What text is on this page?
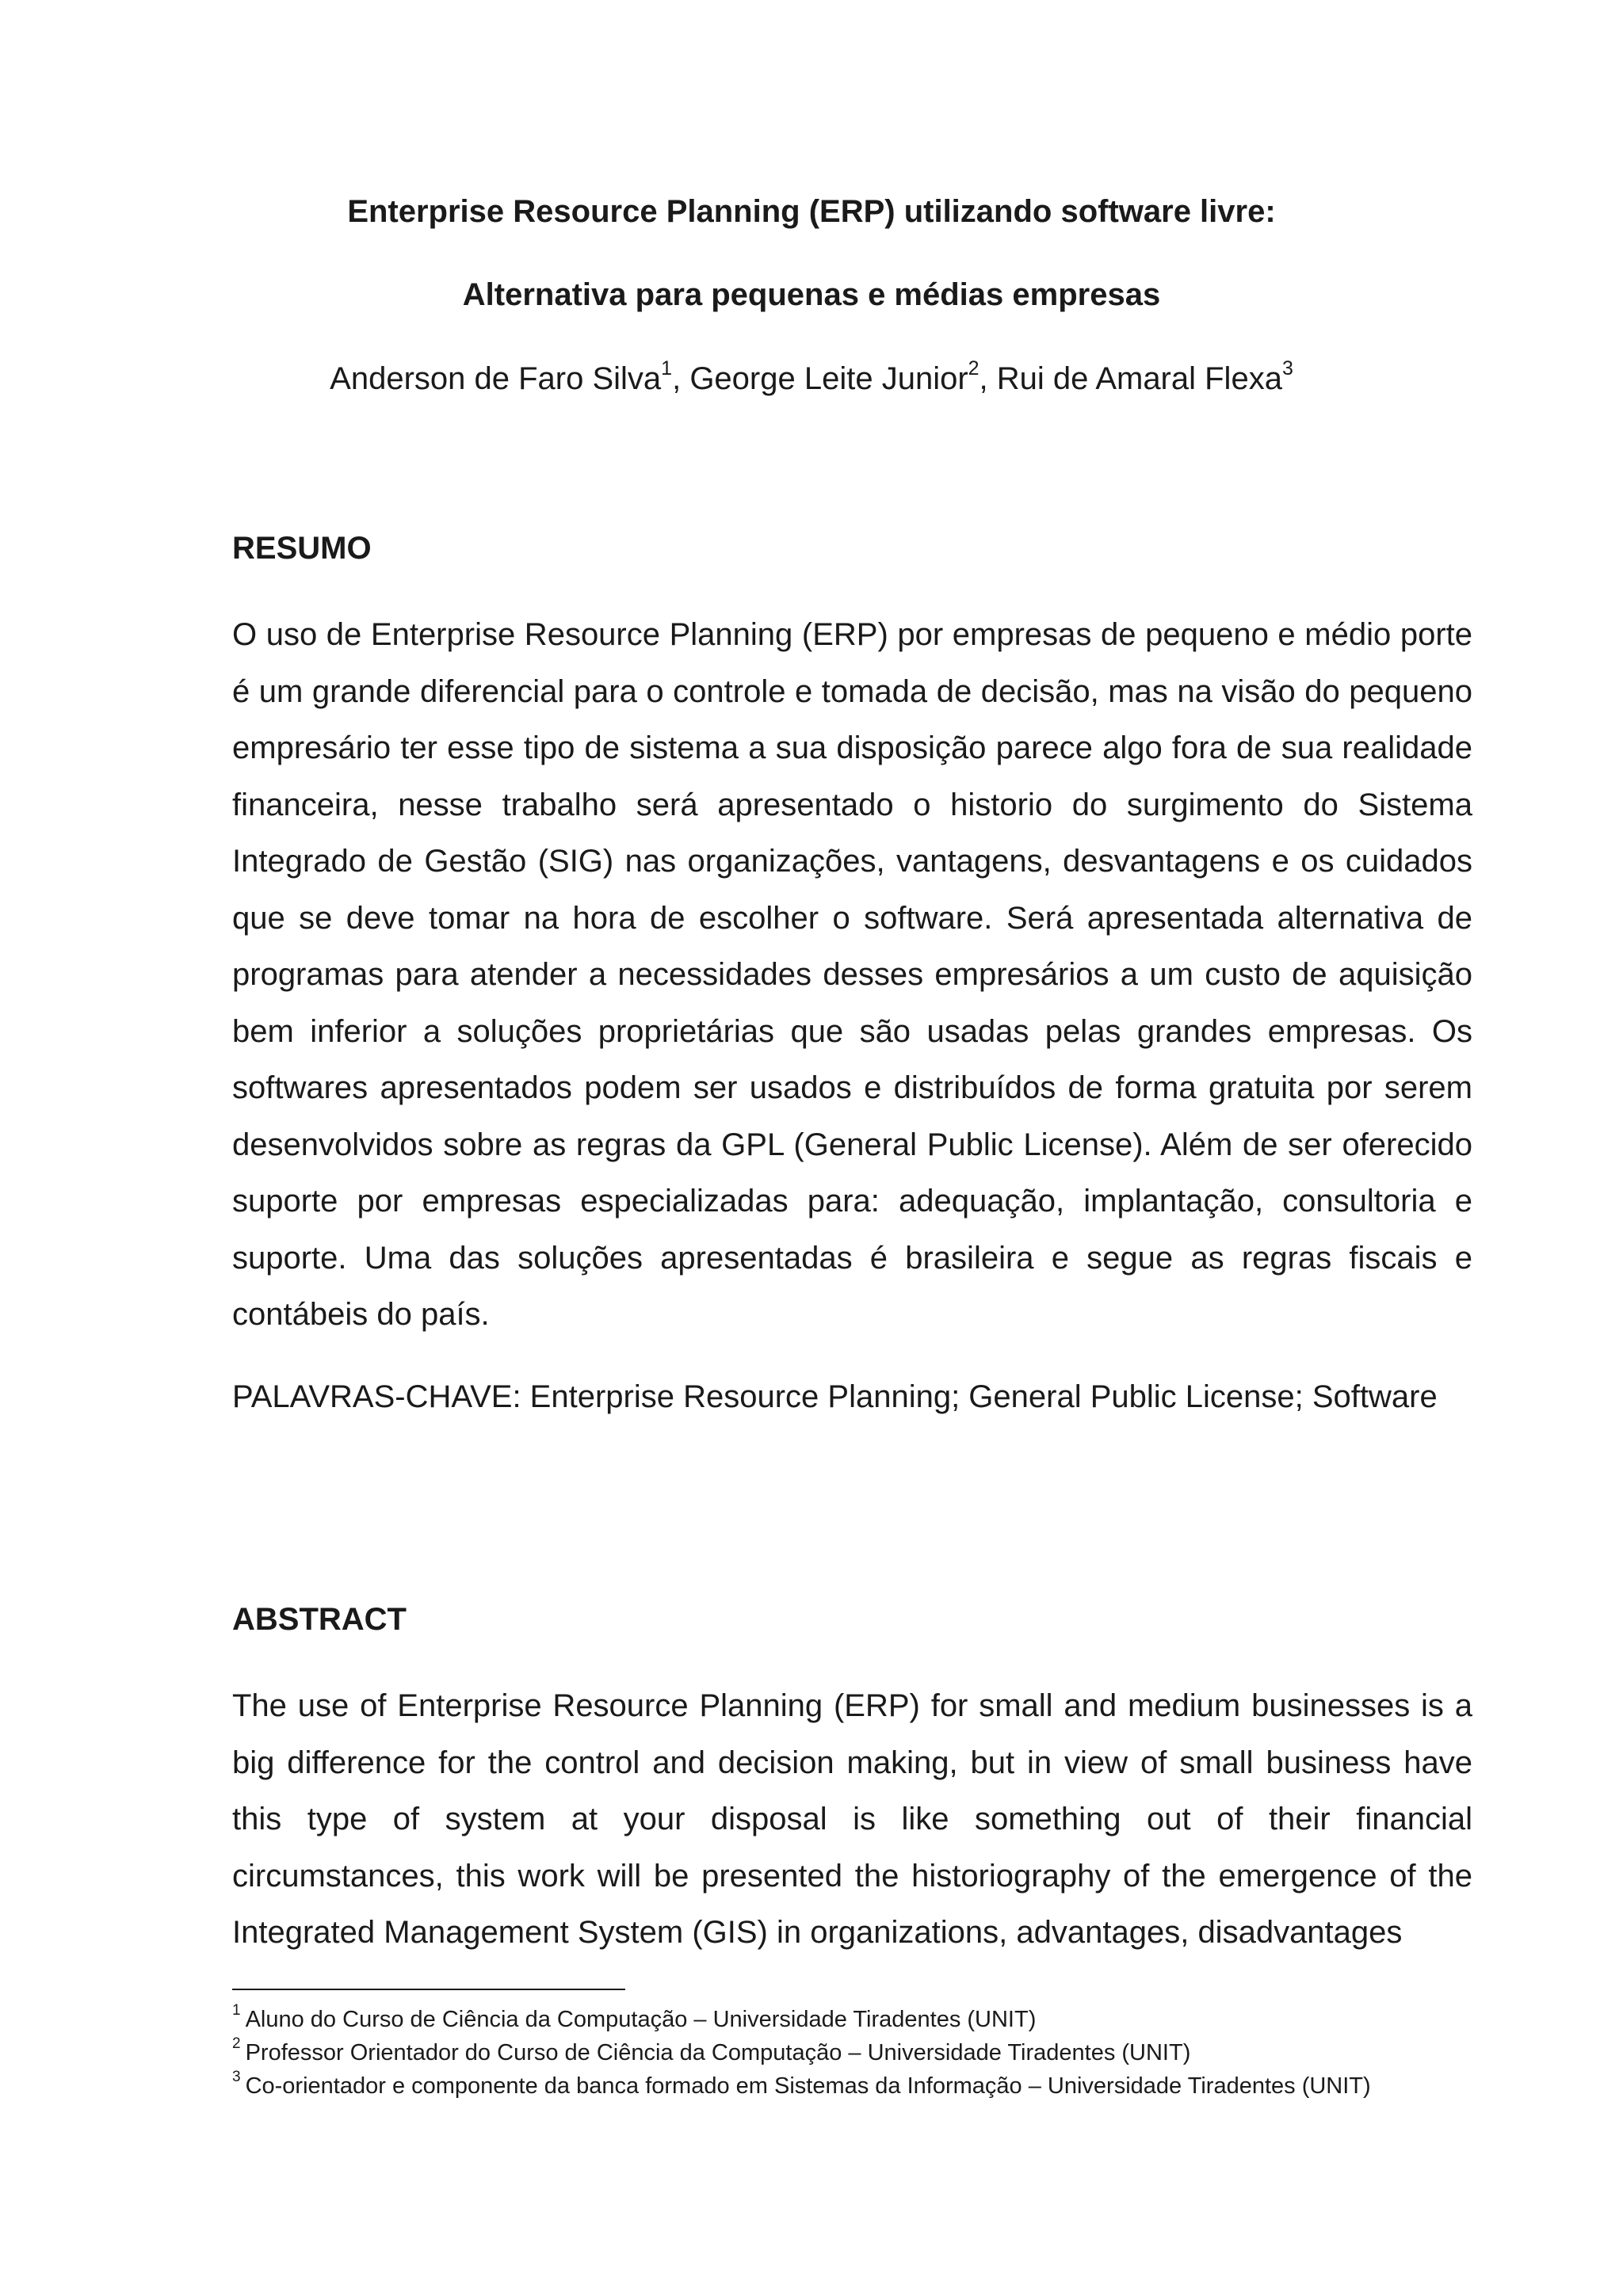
Enterprise Resource Planning (ERP) utilizando software livre:
Alternativa para pequenas e médias empresas

Anderson de Faro Silva$^1$, George Leite Junior$^2$, Rui de Amaral Flexa$^3$

RESUMO

O uso de Enterprise Resource Planning (ERP) por empresas de pequeno e médio porte é um grande diferencial para o controle e tomada de decisão, mas na visão do pequeno empresário ter esse tipo de sistema a sua disposição parece algo fora de sua realidade financeira, nesse trabalho será apresentado o historio do surgimento do Sistema Integrado de Gestão (SIG) nas organizações, vantagens, desvantagens e os cuidados que se deve tomar na hora de escolher o software. Será apresentada alternativa de programas para atender a necessidades desses empresários a um custo de aquisição bem inferior a soluções proprietárias que são usadas pelas grandes empresas. Os softwares apresentados podem ser usados e distribuídos de forma gratuita por serem desenvolvidos sobre as regras da GPL (General Public License). Além de ser oferecido suporte por empresas especializadas para: adequação, implantação, consultoria e suporte. Uma das soluções apresentadas é brasileira e segue as regras fiscais e contábeis do país.

PALAVRAS-CHAVE: Enterprise Resource Planning; General Public License; Software

ABSTRACT

The use of Enterprise Resource Planning (ERP) for small and medium businesses is a big difference for the control and decision making, but in view of small business have this type of system at your disposal is like something out of their financial circumstances, this work will be presented the historiography of the emergence of the Integrated Management System (GIS) in organizations, advantages, disadvantages

$^1$ Aluno do Curso de Ciência da Computação – Universidade Tiradentes (UNIT)
$^2$ Professor Orientador do Curso de Ciência da Computação – Universidade Tiradentes (UNIT)
$^3$ Co-orientador e componente da banca formado em Sistemas da Informação – Universidade Tiradentes (UNIT)
